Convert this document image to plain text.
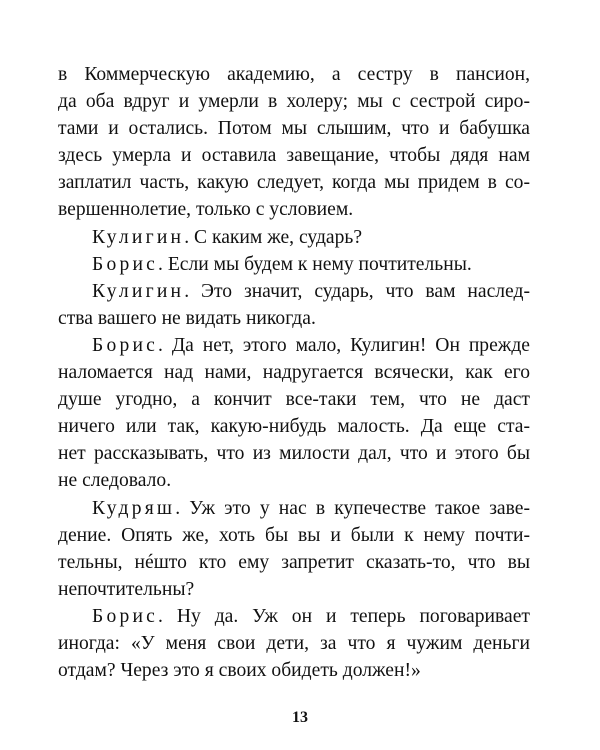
в Коммерческую академию, а сестру в пансион,
да оба вдруг и умерли в холеру; мы с сестрой сиро-
тами и остались. Потом мы слышим, что и бабушка
здесь умерла и оставила завещание, чтобы дядя нам
заплатил часть, какую следует, когда мы придем в со-
вершеннолетие, только с условием.
Кулигин. С каким же, сударь?
Борис. Если мы будем к нему почтительны.
Кулигин. Это значит, сударь, что вам наслед-
ства вашего не видать никогда.
Борис. Да нет, этого мало, Кулигин! Он прежде
наломается над нами, надругается всячески, как его
душе угодно, а кончит все-таки тем, что не даст
ничего или так, какую-нибудь малость. Да еще ста-
нет рассказывать, что из милости дал, что и этого бы
не следовало.
Кудряш. Уж это у нас в купечестве такое заве-
дение. Опять же, хоть бы вы и были к нему почти-
тельны, нéшто кто ему запретит сказать-то, что вы
непочтительны?
Борис. Ну да. Уж он и теперь поговаривает
иногда: «У меня свои дети, за что я чужим деньги
отдам? Через это я своих обидеть должен!»
13
